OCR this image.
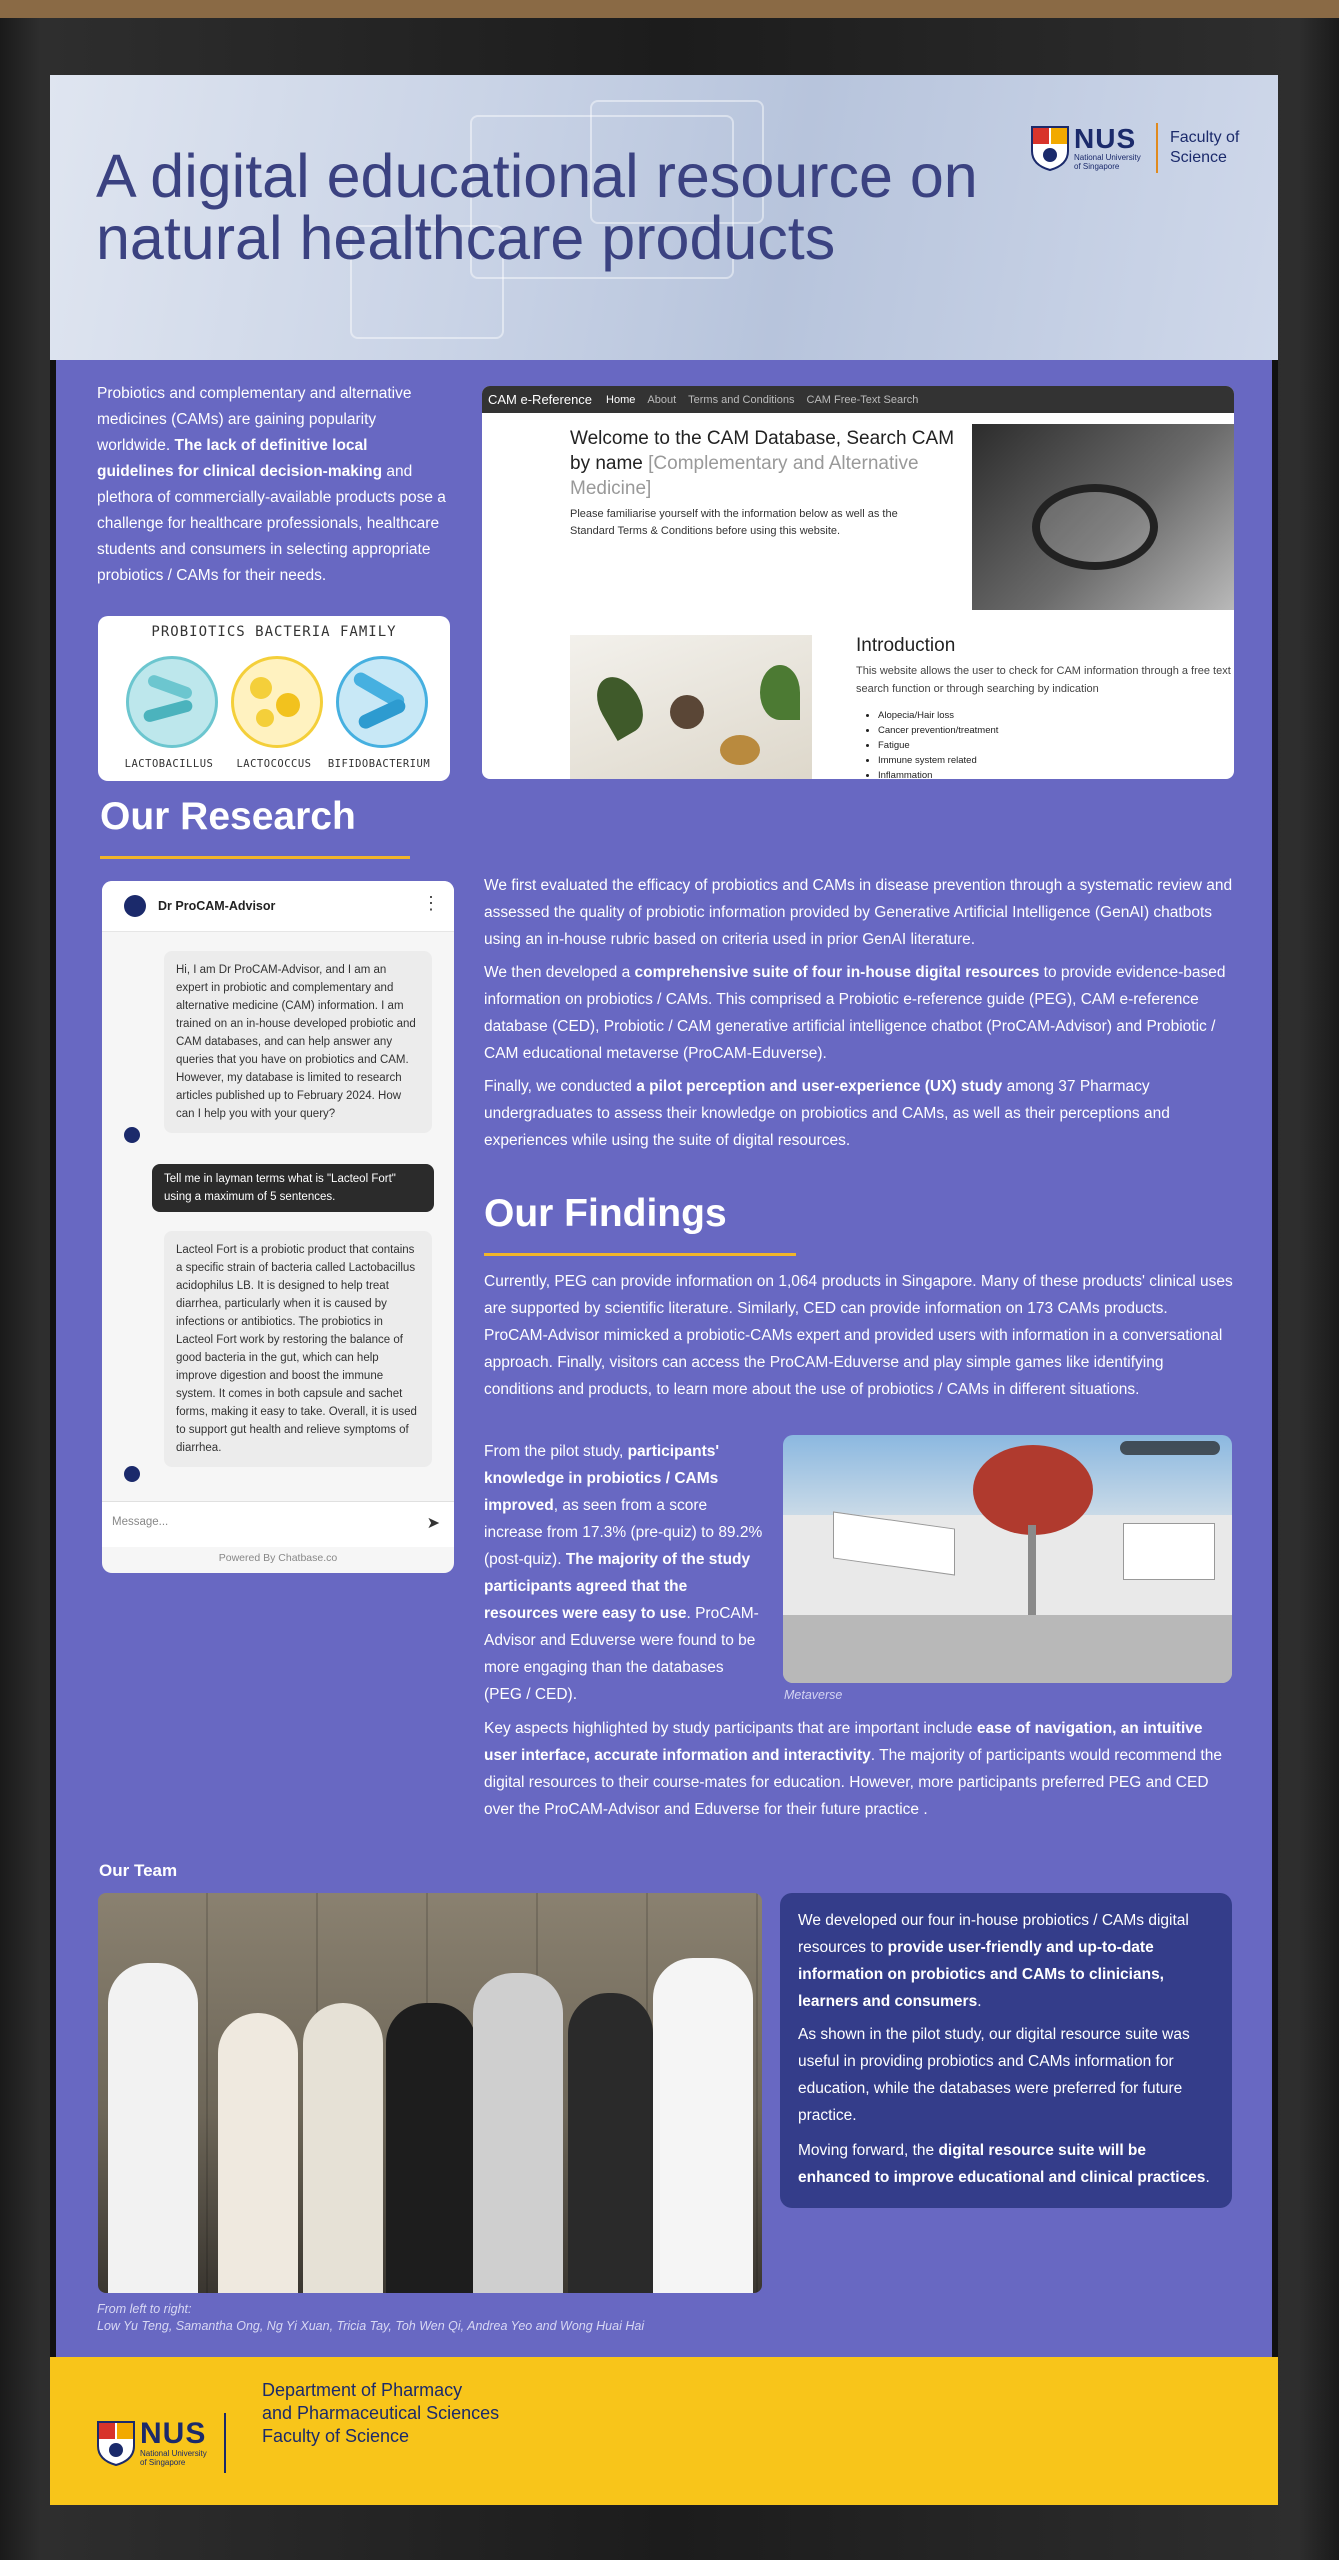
A digital educational resource on natural healthcare products
NUS
National University of Singapore
Faculty of Science

Probiotics and complementary and alternative medicines (CAMs) are gaining popularity worldwide. The lack of definitive local guidelines for clinical decision-making and plethora of commercially-available products pose a challenge for healthcare professionals, healthcare students and consumers in selecting appropriate probiotics / CAMs for their needs.

PROBIOTICS BACTERIA FAMILY
LACTOBACILLUS	LACTOCOCCUS	BIFIDOBACTERIUM
CAM e-Reference Home About Terms and Conditions CAM Free-Text Search
Welcome to the CAM Database, Search CAM by name [Complementary and Alternative Medicine]

Please familiarise yourself with the information below as well as the Standard Terms & Conditions before using this website.

Introduction

This website allows the user to check for CAM information through a free text search function or through searching by indication

• Alopecia/Hair loss
• Cancer prevention/treatment
• Fatigue
• Immune system related
• Inflammation
Our Research
Dr ProCAM-Advisor	⋮

Hi, I am Dr ProCAM-Advisor, and I am an expert in probiotic and complementary and alternative medicine (CAM) information. I am trained on an in-house developed probiotic and CAM databases, and can help answer any queries that you have on probiotics and CAM. However, my database is limited to research articles published up to February 2024. How can I help you with your query?

Tell me in layman terms what is "Lacteol Fort" using a maximum of 5 sentences.

Lacteol Fort is a probiotic product that contains a specific strain of bacteria called Lactobacillus acidophilus LB. It is designed to help treat diarrhea, particularly when it is caused by infections or antibiotics. The probiotics in Lacteol Fort work by restoring the balance of good bacteria in the gut, which can help improve digestion and boost the immune system. It comes in both capsule and sachet forms, making it easy to take. Overall, it is used to support gut health and relieve symptoms of diarrhea.

Message...	➤
Powered By Chatbase.co

We first evaluated the efficacy of probiotics and CAMs in disease prevention through a systematic review and assessed the quality of probiotic information provided by Generative Artificial Intelligence (GenAI) chatbots using an in-house rubric based on criteria used in prior GenAI literature.

We then developed a comprehensive suite of four in-house digital resources to provide evidence-based information on probiotics / CAMs. This comprised a Probiotic e-reference guide (PEG), CAM e-reference database (CED), Probiotic / CAM generative artificial intelligence chatbot (ProCAM-Advisor) and Probiotic / CAM educational metaverse (ProCAM-Eduverse).

Finally, we conducted a pilot perception and user-experience (UX) study among 37 Pharmacy undergraduates to assess their knowledge on probiotics and CAMs, as well as their perceptions and experiences while using the suite of digital resources.

Our Findings

Currently, PEG can provide information on 1,064 products in Singapore. Many of these products' clinical uses are supported by scientific literature. Similarly, CED can provide information on 173 CAMs products. ProCAM-Advisor mimicked a probiotic-CAMs expert and provided users with information in a conversational approach. Finally, visitors can access the ProCAM-Eduverse and play simple games like identifying conditions and products, to learn more about the use of probiotics / CAMs in different situations.

From the pilot study, participants' knowledge in probiotics / CAMs improved, as seen from a score increase from 17.3% (pre-quiz) to 89.2% (post-quiz). The majority of the study participants agreed that the resources were easy to use. ProCAM-Advisor and Eduverse were found to be more engaging than the databases (PEG / CED).	Metaverse

Key aspects highlighted by study participants that are important include ease of navigation, an intuitive user interface, accurate information and interactivity. The majority of participants would recommend the digital resources to their course-mates for education. However, more participants preferred PEG and CED over the ProCAM-Advisor and Eduverse for their future practice .

Our Team

From left to right:
Low Yu Teng, Samantha Ong, Ng Yi Xuan, Tricia Tay, Toh Wen Qi, Andrea Yeo and Wong Huai Hai

We developed our four in-house probiotics / CAMs digital resources to provide user-friendly and up-to-date information on probiotics and CAMs to clinicians, learners and consumers.

As shown in the pilot study, our digital resource suite was useful in providing probiotics and CAMs information for education, while the databases were preferred for future practice.

Moving forward, the digital resource suite will be enhanced to improve educational and clinical practices.

NUS
National University of Singapore

Department of Pharmacy
and Pharmaceutical Sciences
Faculty of Science
